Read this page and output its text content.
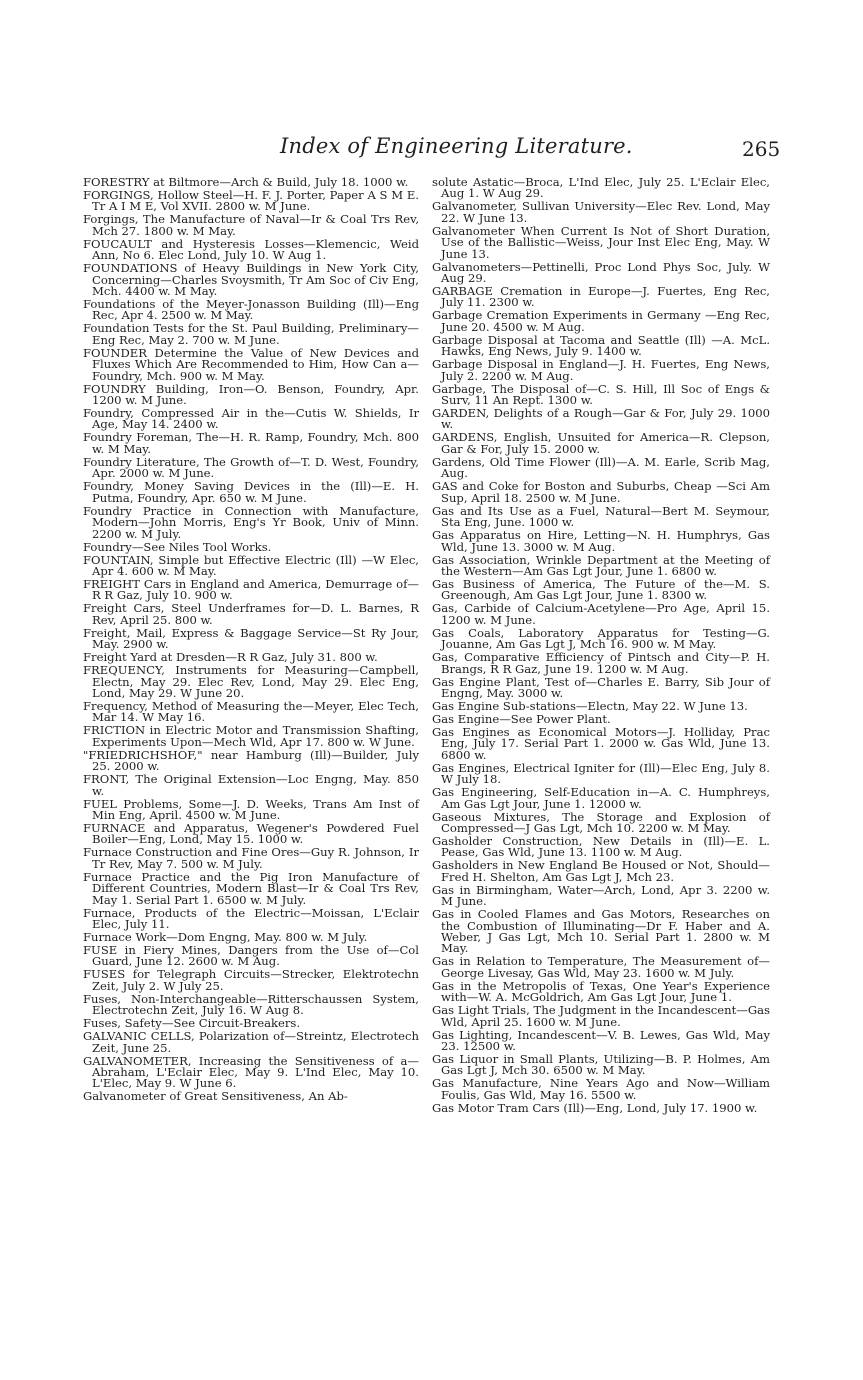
Index of Engineering Literature.	265

FORESTRY at Biltmore—Arch & Build, July 18. 1000 w.

FORGINGS, Hollow Steel—H. F. J. Porter, Paper A S M E. Tr A I M E, Vol XVII. 2800 w. M June.

Forgings, The Manufacture of Naval—Ir & Coal Trs Rev, Mch 27. 1800 w. M May.

FOUCAULT and Hysteresis Losses—Klemencic, Weid Ann, No 6. Elec Lond, July 10. W Aug 1.

FOUNDATIONS of Heavy Buildings in New York City, Concerning—Charles Svoysmith, Tr Am Soc of Civ Eng, Mch. 4400 w. M May.

Foundations of the Meyer-Jonasson Building (Ill)—Eng Rec, Apr 4. 2500 w. M May.

Foundation Tests for the St. Paul Building, Preliminary—Eng Rec, May 2. 700 w. M June.

FOUNDER Determine the Value of New Devices and Fluxes Which Are Recommended to Him, How Can a—Foundry, Mch. 900 w. M May.

FOUNDRY Building, Iron—O. Benson, Foundry, Apr. 1200 w. M June.

Foundry, Compressed Air in the—Cutis W. Shields, Ir Age, May 14. 2400 w.

Foundry Foreman, The—H. R. Ramp, Foundry, Mch. 800 w. M May.

Foundry Literature, The Growth of—T. D. West, Foundry, Apr. 2000 w. M June.

Foundry, Money Saving Devices in the (Ill)—E. H. Putma, Foundry, Apr. 650 w. M June.

Foundry Practice in Connection with Manufacture, Modern—John Morris, Eng's Yr Book, Univ of Minn. 2200 w. M July.

Foundry—See Niles Tool Works.

FOUNTAIN, Simple but Effective Electric (Ill) —W Elec, Apr 4. 600 w. M May.

FREIGHT Cars in England and America, Demurrage of—R R Gaz, July 10. 900 w.

Freight Cars, Steel Underframes for—D. L. Barnes, R Rev, April 25. 800 w.

Freight, Mail, Express & Baggage Service—St Ry Jour, May. 2900 w.

Freight Yard at Dresden—R R Gaz, July 31. 800 w.

FREQUENCY, Instruments for Measuring—Campbell, Electn, May 29. Elec Rev, Lond, May 29. Elec Eng, Lond, May 29. W June 20.

Frequency, Method of Measuring the—Meyer, Elec Tech, Mar 14. W May 16.

FRICTION in Electric Motor and Transmission Shafting, Experiments Upon—Mech Wld, Apr 17. 800 w. W June.

"FRIEDRICHSHOF," near Hamburg (Ill)—Builder, July 25. 2000 w.

FRONT, The Original Extension—Loc Engng, May. 850 w.

FUEL Problems, Some—J. D. Weeks, Trans Am Inst of Min Eng, April. 4500 w. M June.

FURNACE and Apparatus, Wegener's Powdered Fuel Boiler—Eng, Lond, May 15. 1000 w.

Furnace Construction and Fine Ores—Guy R. Johnson, Ir Tr Rev, May 7. 500 w. M July.

Furnace Practice and the Pig Iron Manufacture of Different Countries, Modern Blast—Ir & Coal Trs Rev, May 1. Serial Part 1. 6500 w. M July.

Furnace, Products of the Electric—Moissan, L'Eclair Elec, July 11.

Furnace Work—Dom Engng, May. 800 w. M July.

FUSE in Fiery Mines, Dangers from the Use of—Col Guard, June 12. 2600 w. M Aug.

FUSES for Telegraph Circuits—Strecker, Elektrotechn Zeit, July 2. W July 25.

Fuses, Non-Interchangeable—Ritterschaussen System, Electrotechn Zeit, July 16. W Aug 8.

Fuses, Safety—See Circuit-Breakers.

GALVANIC CELLS, Polarization of—Streintz, Electrotech Zeit, June 25.

GALVANOMETER, Increasing the Sensitiveness of a—Abraham, L'Eclair Elec, May 9. L'Ind Elec, May 10. L'Elec, May 9. W June 6.

Galvanometer of Great Sensitiveness, An Ab-

solute Astatic—Broca, L'Ind Elec, July 25. L'Eclair Elec, Aug 1. W Aug 29.

Galvanometer, Sullivan University—Elec Rev. Lond, May 22. W June 13.

Galvanometer When Current Is Not of Short Duration, Use of the Ballistic—Weiss, Jour Inst Elec Eng, May. W June 13.

Galvanometers—Pettinelli, Proc Lond Phys Soc, July. W Aug 29.

GARBAGE Cremation in Europe—J. Fuertes, Eng Rec, July 11. 2300 w.

Garbage Cremation Experiments in Germany —Eng Rec, June 20. 4500 w. M Aug.

Garbage Disposal at Tacoma and Seattle (Ill) —A. McL. Hawks, Eng News, July 9. 1400 w.

Garbage Disposal in England—J. H. Fuertes, Eng News, July 2. 2200 w. M Aug.

Garbage, The Disposal of—C. S. Hill, Ill Soc of Engs & Surv, 11 An Rept. 1300 w.

GARDEN, Delights of a Rough—Gar & For, July 29. 1000 w.

GARDENS, English, Unsuited for America—R. Clepson, Gar & For, July 15. 2000 w.

Gardens, Old Time Flower (Ill)—A. M. Earle, Scrib Mag, Aug.

GAS and Coke for Boston and Suburbs, Cheap —Sci Am Sup, April 18. 2500 w. M June.

Gas and Its Use as a Fuel, Natural—Bert M. Seymour, Sta Eng, June. 1000 w.

Gas Apparatus on Hire, Letting—N. H. Humphrys, Gas Wld, June 13. 3000 w. M Aug.

Gas Association, Wrinkle Department at the Meeting of the Western—Am Gas Lgt Jour, June 1. 6800 w.

Gas Business of America, The Future of the—M. S. Greenough, Am Gas Lgt Jour, June 1. 8300 w.

Gas, Carbide of Calcium-Acetylene—Pro Age, April 15. 1200 w. M June.

Gas Coals, Laboratory Apparatus for Testing—G. Jouanne, Am Gas Lgt J, Mch 16. 900 w. M May.

Gas, Comparative Efficiency of Pintsch and City—P. H. Brangs, R R Gaz, June 19. 1200 w. M Aug.

Gas Engine Plant, Test of—Charles E. Barry, Sib Jour of Engng, May. 3000 w.

Gas Engine Sub-stations—Electn, May 22. W June 13.

Gas Engine—See Power Plant.

Gas Engines as Economical Motors—J. Holliday, Prac Eng, July 17. Serial Part 1. 2000 w. Gas Wld, June 13. 6800 w.

Gas Engines, Electrical Igniter for (Ill)—Elec Eng, July 8. W July 18.

Gas Engineering, Self-Education in—A. C. Humphreys, Am Gas Lgt Jour, June 1. 12000 w.

Gaseous Mixtures, The Storage and Explosion of Compressed—J Gas Lgt, Mch 10. 2200 w. M May.

Gasholder Construction, New Details in (Ill)—E. L. Pease, Gas Wld, June 13. 1100 w. M Aug.

Gasholders in New England Be Housed or Not, Should—Fred H. Shelton, Am Gas Lgt J, Mch 23.

Gas in Birmingham, Water—Arch, Lond, Apr 3. 2200 w. M June.

Gas in Cooled Flames and Gas Motors, Researches on the Combustion of Illuminating—Dr F. Haber and A. Weber, J Gas Lgt, Mch 10. Serial Part 1. 2800 w. M May.

Gas in Relation to Temperature, The Measurement of—George Livesay, Gas Wld, May 23. 1600 w. M July.

Gas in the Metropolis of Texas, One Year's Experience with—W. A. McGoldrich, Am Gas Lgt Jour, June 1.

Gas Light Trials, The Judgment in the Incandescent—Gas Wld, April 25. 1600 w. M June.

Gas Lighting, Incandescent—V. B. Lewes, Gas Wld, May 23. 12500 w.

Gas Liquor in Small Plants, Utilizing—B. P. Holmes, Am Gas Lgt J, Mch 30. 6500 w. M May.

Gas Manufacture, Nine Years Ago and Now—William Foulis, Gas Wld, May 16. 5500 w.

Gas Motor Tram Cars (Ill)—Eng, Lond, July 17. 1900 w.
